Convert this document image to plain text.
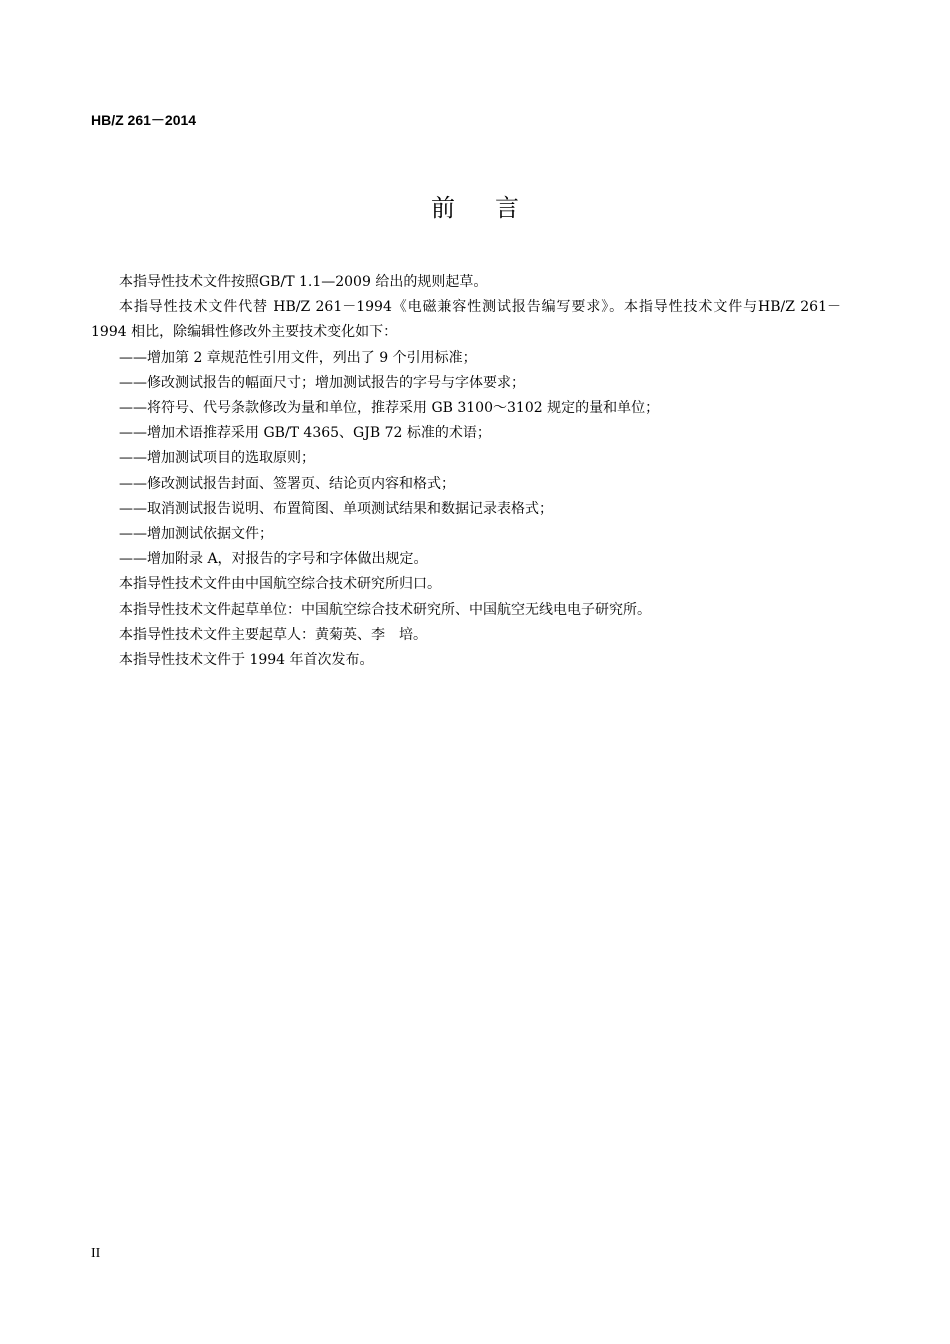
HB/Z 261－2014
前言

本指导性技术文件按照GB/T 1.1—2009 给出的规则起草。

本指导性技术文件代替 HB/Z 261－1994《电磁兼容性测试报告编写要求》。本指导性技术文件与HB/Z 261－1994 相比，除编辑性修改外主要技术变化如下：

——增加第 2 章规范性引用文件，列出了 9 个引用标准；

——修改测试报告的幅面尺寸；增加测试报告的字号与字体要求；

——将符号、代号条款修改为量和单位，推荐采用 GB 3100～3102 规定的量和单位；

——增加术语推荐采用 GB/T 4365、GJB 72 标准的术语；

——增加测试项目的选取原则；

——修改测试报告封面、签署页、结论页内容和格式；

——取消测试报告说明、布置简图、单项测试结果和数据记录表格式；

——增加测试依据文件；

——增加附录 A，对报告的字号和字体做出规定。

本指导性技术文件由中国航空综合技术研究所归口。

本指导性技术文件起草单位：中国航空综合技术研究所、中国航空无线电电子研究所。

本指导性技术文件主要起草人：黄菊英、李　培。

本指导性技术文件于 1994 年首次发布。

II
